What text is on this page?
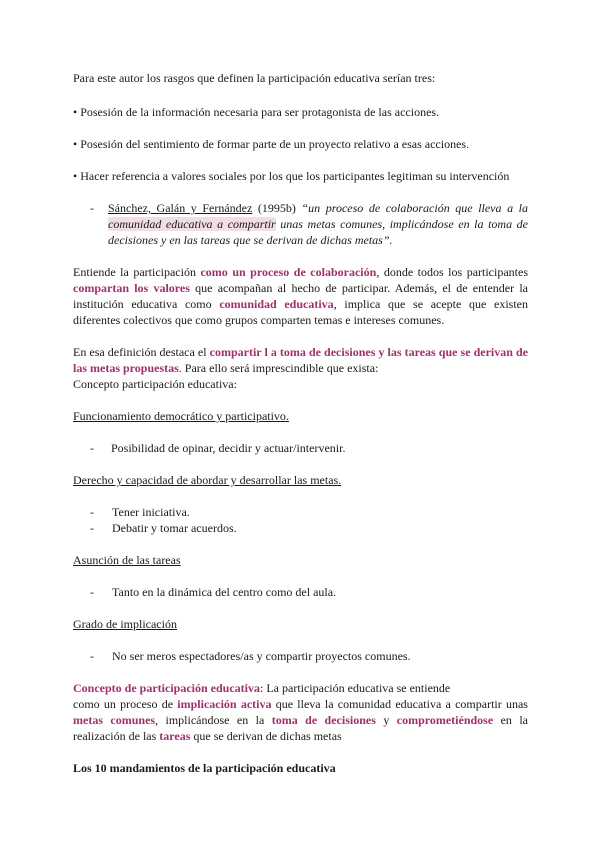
Para este autor los rasgos que definen la participación educativa serían tres:

• Posesión de la información necesaria para ser protagonista de las acciones.

• Posesión del sentimiento de formar parte de un proyecto relativo a esas acciones.

• Hacer referencia a valores sociales por los que los participantes legitiman su intervención

- Sánchez, Galán y Fernández (1995b) “un proceso de colaboración que lleva a la comunidad educativa a compartir unas metas comunes, implicándose en la toma de decisiones y en las tareas que se derivan de dichas metas”.

Entiende la participación como un proceso de colaboración, donde todos los participantes compartan los valores que acompañan al hecho de participar. Además, el de entender la institución educativa como comunidad educativa, implica que se acepte que existen diferentes colectivos que como grupos comparten temas e intereses comunes.

En esa definición destaca el compartir l a toma de decisiones y las tareas que se derivan de las metas propuestas. Para ello será imprescindible que exista:

Concepto participación educativa:

Funcionamiento democrático y participativo.

- Posibilidad de opinar, decidir y actuar/intervenir.

Derecho y capacidad de abordar y desarrollar las metas.

- Tener iniciativa.

- Debatir y tomar acuerdos.

Asunción de las tareas

- Tanto en la dinámica del centro como del aula.

Grado de implicación

- No ser meros espectadores/as y compartir proyectos comunes.

Concepto de participación educativa: La participación educativa se entiende

como un proceso de implicación activa que lleva la comunidad educativa a compartir unas metas comunes, implicándose en la toma de decisiones y comprometiéndose en la realización de las tareas que se derivan de dichas metas

Los 10 mandamientos de la participación educativa
